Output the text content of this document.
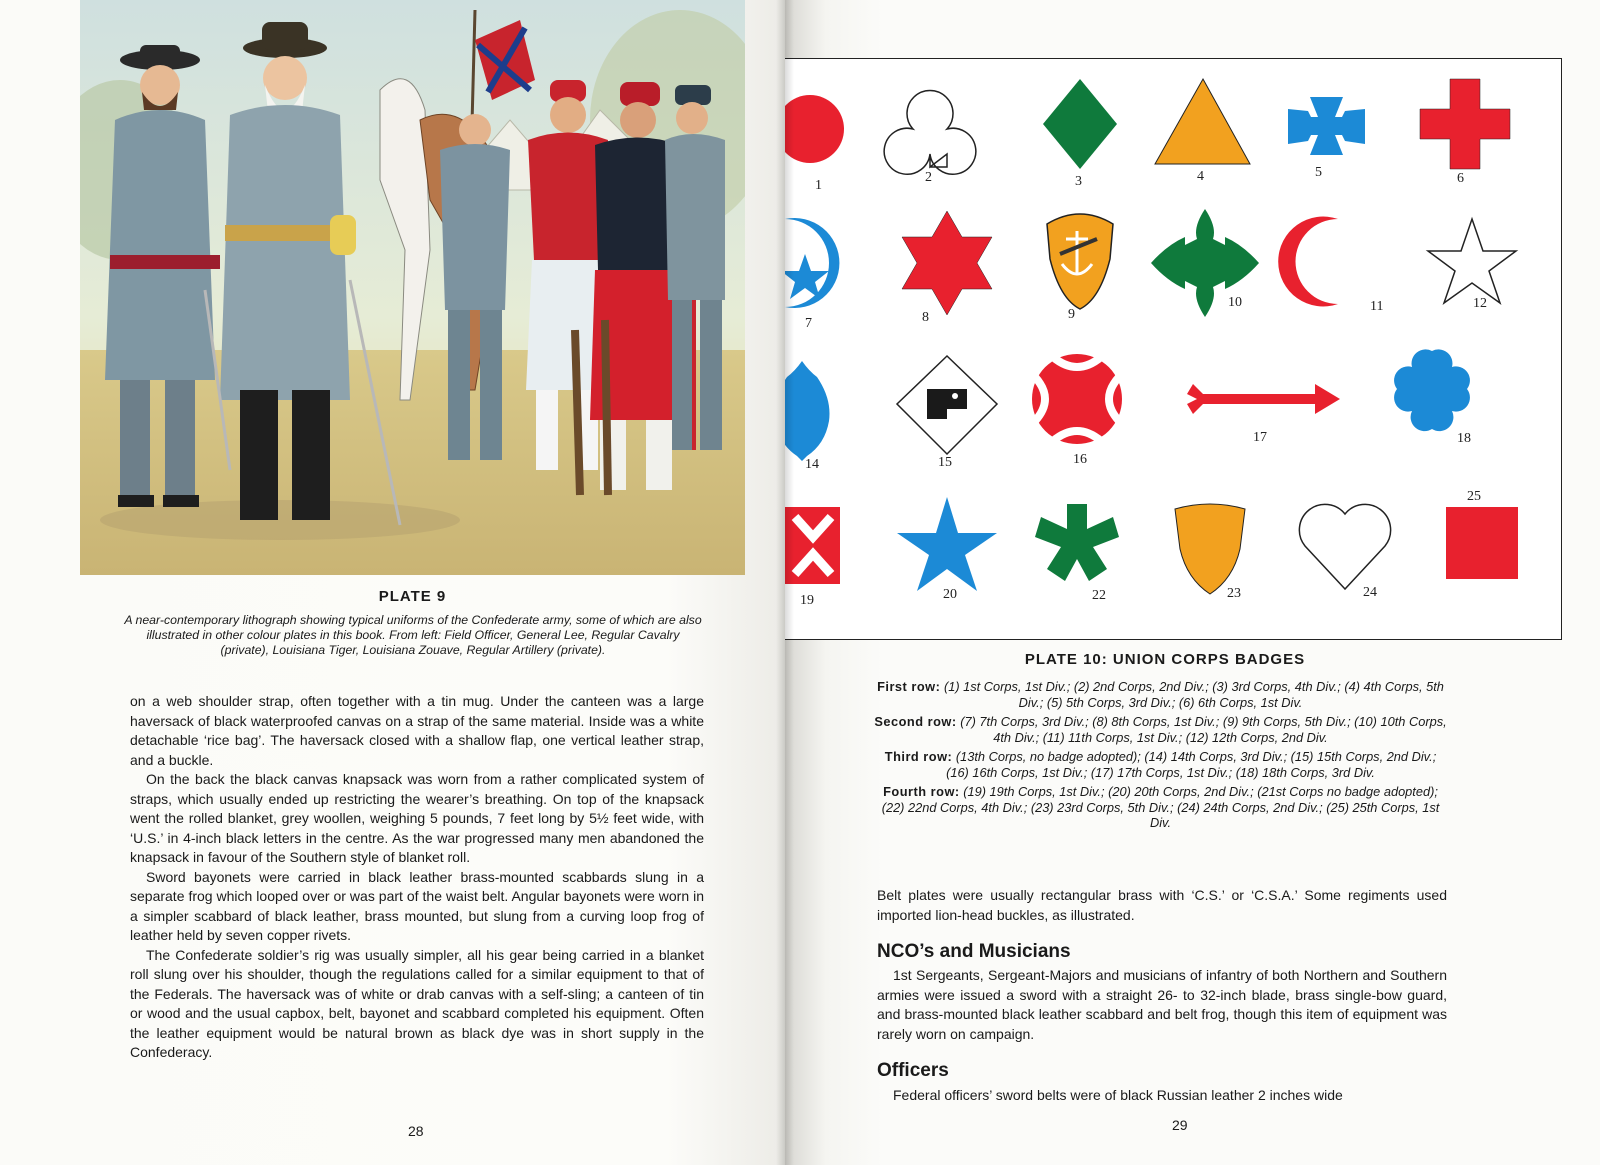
PLATE 9
A near-contemporary lithograph showing typical uniforms of the Confederate army, some of which are also illustrated in other colour plates in this book. From left: Field Officer, General Lee, Regular Cavalry (private), Louisiana Tiger, Louisiana Zouave, Regular Artillery (private).

on a web shoulder strap, often together with a tin mug. Under the canteen was a large haversack of black waterproofed canvas on a strap of the same material. Inside was a white detachable ‘rice bag’. The haversack closed with a shallow flap, one vertical leather strap, and a buckle.

On the back the black canvas knapsack was worn from a rather complicated system of straps, which usually ended up restricting the wearer’s breathing. On top of the knapsack went the rolled blanket, grey woollen, weighing 5 pounds, 7 feet long by 5½ feet wide, with ‘U.S.’ in 4-inch black letters in the centre. As the war progressed many men abandoned the knapsack in favour of the Southern style of blanket roll.

Sword bayonets were carried in black leather brass-mounted scabbards slung in a separate frog which looped over or was part of the waist belt. Angular bayonets were worn in a simpler scabbard of black leather, brass mounted, but slung from a curving loop frog of leather held by seven copper rivets.

The Confederate soldier’s rig was usually simpler, all his gear being carried in a blanket roll slung over his shoulder, though the regulations called for a similar equipment to that of the Federals. The haversack was of white or drab canvas with a self-sling; a canteen of tin or wood and the usual capbox, belt, bayonet and scabbard completed his equipment. Often the leather equipment would be natural brown as black dye was in short supply in the Confederacy.

28
1
2	3	4	5	6
7	8	9
10	11	12
14	15	16
17	18
19	20	22	23	24
25
PLATE 10: UNION CORPS BADGES
First row: (1) 1st Corps, 1st Div.; (2) 2nd Corps, 2nd Div.; (3) 3rd Corps, 4th Div.; (4) 4th Corps, 5th Div.; (5) 5th Corps, 3rd Div.; (6) 6th Corps, 1st Div.
Second row: (7) 7th Corps, 3rd Div.; (8) 8th Corps, 1st Div.; (9) 9th Corps, 5th Div.; (10) 10th Corps, 4th Div.; (11) 11th Corps, 1st Div.; (12) 12th Corps, 2nd Div.
Third row: (13th Corps, no badge adopted); (14) 14th Corps, 3rd Div.; (15) 15th Corps, 2nd Div.; (16) 16th Corps, 1st Div.; (17) 17th Corps, 1st Div.; (18) 18th Corps, 3rd Div.
Fourth row: (19) 19th Corps, 1st Div.; (20) 20th Corps, 2nd Div.; (21st Corps no badge adopted); (22) 22nd Corps, 4th Div.; (23) 23rd Corps, 5th Div.; (24) 24th Corps, 2nd Div.; (25) 25th Corps, 1st Div.

Belt plates were usually rectangular brass with ‘C.S.’ or ‘C.S.A.’ Some regiments used imported lion-head buckles, as illustrated.

NCO’s and Musicians

1st Sergeants, Sergeant-Majors and musicians of infantry of both Northern and Southern armies were issued a sword with a straight 26- to 32-inch blade, brass single-bow guard, and brass-mounted black leather scabbard and belt frog, though this item of equipment was rarely worn on campaign.

Officers

Federal officers’ sword belts were of black Russian leather 2 inches wide

29
